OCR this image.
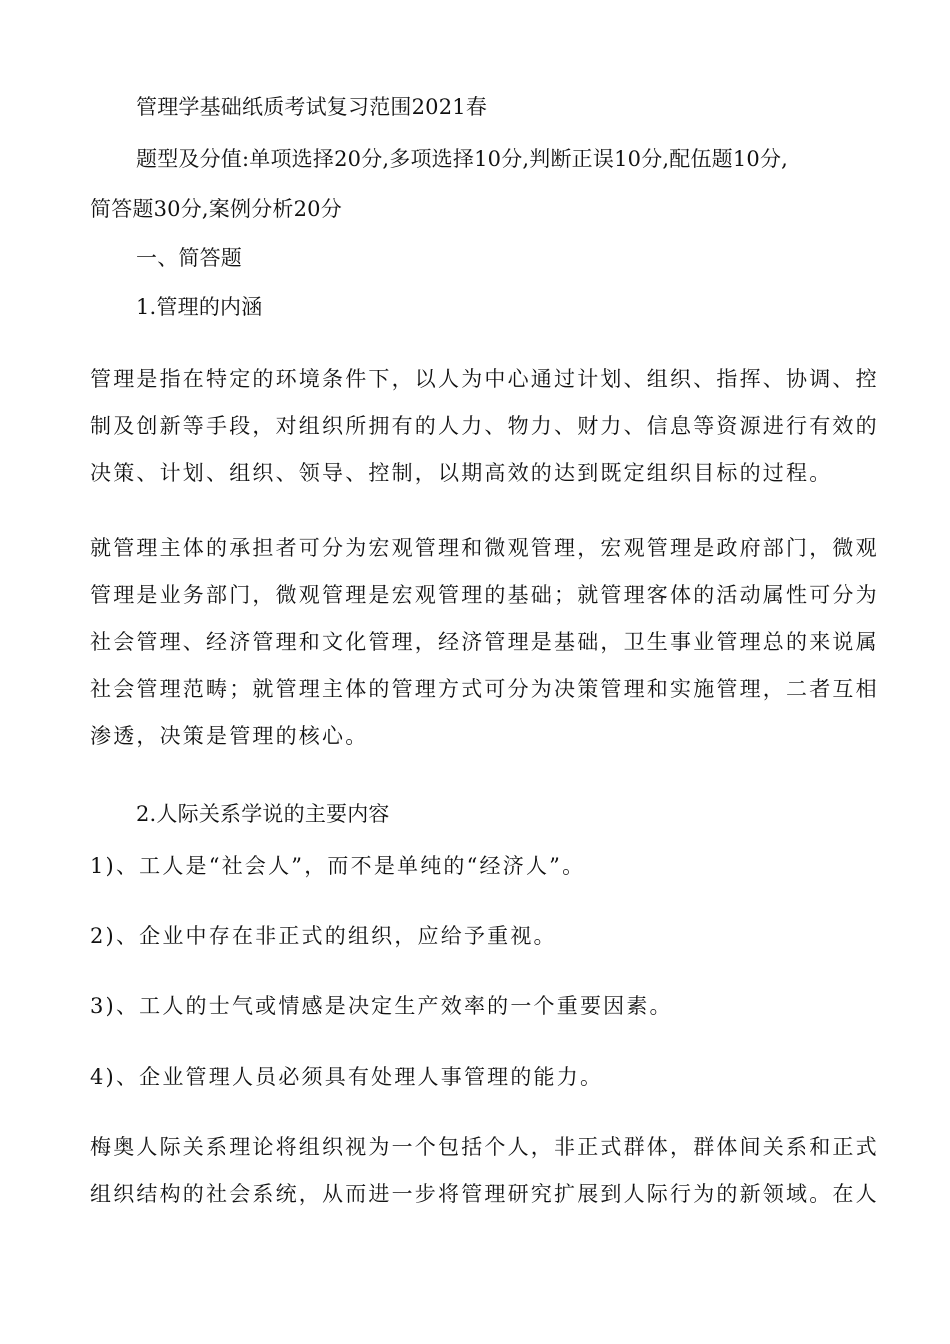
管理学基础纸质考试复习范围2021春
题型及分值:单项选择20分,多项选择10分,判断正误10分,配伍题10分,
简答题30分,案例分析20分
一、简答题
1.管理的内涵
管理是指在特定的环境条件下，以人为中心通过计划、组织、指挥、协调、控
制及创新等手段，对组织所拥有的人力、物力、财力、信息等资源进行有效的
决策、计划、组织、领导、控制，以期高效的达到既定组织目标的过程。
就管理主体的承担者可分为宏观管理和微观管理，宏观管理是政府部门，微观
管理是业务部门，微观管理是宏观管理的基础；就管理客体的活动属性可分为
社会管理、经济管理和文化管理，经济管理是基础，卫生事业管理总的来说属
社会管理范畴；就管理主体的管理方式可分为决策管理和实施管理，二者互相
渗透，决策是管理的核心。
2.人际关系学说的主要内容
1)、工人是“社会人”，而不是单纯的“经济人”。
2)、企业中存在非正式的组织，应给予重视。
3)、工人的士气或情感是决定生产效率的一个重要因素。
4)、企业管理人员必须具有处理人事管理的能力。
梅奥人际关系理论将组织视为一个包括个人，非正式群体，群体间关系和正式
组织结构的社会系统，从而进一步将管理研究扩展到人际行为的新领域。在人
